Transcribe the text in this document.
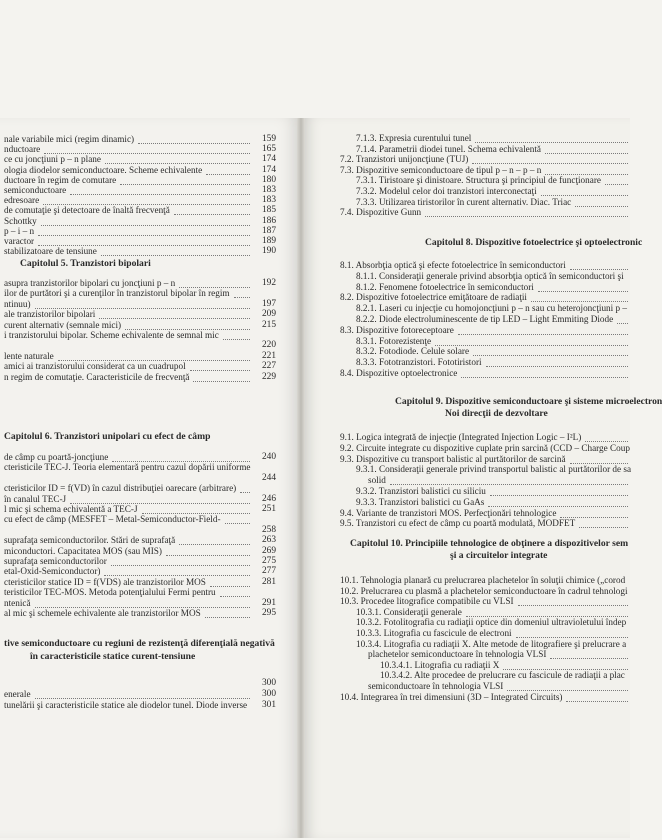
nale variabile mici (regim dinamic)	159
nductoare	165
ce cu joncţiuni p – n plane	174
ologia diodelor semiconductoare. Scheme echivalente	174
ductoare în regim de comutare	180
semiconductoare	183
edresoare	183
de comutaţie şi detectoare de înaltă frecvenţă	185
Schottky	186
p – i – n	187
varactor	189
stabilizatoare de tensiune	190
Capitolul 5. Tranzistori bipolari
asupra tranzistorilor bipolari cu joncţiuni p – n	192
ilor de purtători şi a curenţilor în tranzistorul bipolar în regim
ntinuu)	197
ale tranzistorilor bipolari	209
curent alternativ (semnale mici)	215
i tranzistorului bipolar. Scheme echivalente de semnal mic
220
lente naturale	221
amici ai tranzistorului considerat ca un cuadrupol	227
n regim de comutaţie. Caracteristicile de frecvenţă	229
Capitolul 6. Tranzistori unipolari cu efect de câmp
de câmp cu poartă-joncţiune	240
cteristicile TEC-J. Teoria elementară pentru cazul dopării uniforme
244
cteristicilor ID = f(VD) în cazul distribuţiei oarecare (arbitrare)
în canalul TEC-J	246
l mic şi schema echivalentă a TEC-J	251
cu efect de câmp (MESFET – Metal-Semiconductor-Field-
258
suprafaţa semiconductorilor. Stări de suprafaţă	263
miconductori. Capacitatea MOS (sau MIS)	269
suprafaţa semiconductorilor	275
etal-Oxid-Semiconductor)	277
cteristicilor statice ID = f(VDS) ale tranzistorilor MOS	281
teristicilor TEC-MOS. Metoda potenţialului Fermi pentru
ntenică	291
al mic şi schemele echivalente ale tranzistorilor MOS	295
tive semiconductoare cu regiuni de rezistenţă diferenţială negativă
în caracteristicile statice curent-tensiune
300
enerale	300
tunelării şi caracteristicile statice ale diodelor tunel. Diode inverse	301
7.1.3. Expresia curentului tunel
7.1.4. Parametrii diodei tunel. Schema echivalentă
7.2. Tranzistori unijoncţiune (TUJ)
7.3. Dispozitive semiconductoare de tipul p – n – p – n
7.3.1. Tiristoare şi dinistoare. Structura şi principiul de funcţionare
7.3.2. Modelul celor doi tranzistori interconectaţi
7.3.3. Utilizarea tiristorilor în curent alternativ. Diac. Triac
7.4. Dispozitive Gunn
Capitolul 8. Dispozitive fotoelectrice şi optoelectronic
8.1. Absorbţia optică şi efecte fotoelectrice în semiconductori
8.1.1. Consideraţii generale privind absorbţia optică în semiconductori şi
8.1.2. Fenomene fotoelectrice în semiconductori
8.2. Dispozitive fotoelectrice emiţătoare de radiaţii
8.2.1. Laseri cu injecţie cu homojoncţiuni p – n sau cu heterojoncţiuni p –
8.2.2. Diode electroluminescente de tip LED – Light Emmiting Diode
8.3. Dispozitive fotoreceptoare
8.3.1. Fotorezistenţe
8.3.2. Fotodiode. Celule solare
8.3.3. Fototranzistori. Fototiristori
8.4. Dispozitive optoelectronice
Capitolul 9. Dispozitive semiconductoare şi sisteme microelectron
Noi direcţii de dezvoltare
9.1. Logica integrată de injecţie (Integrated Injection Logic – I²L)
9.2. Circuite integrate cu dispozitive cuplate prin sarcină (CCD – Charge Coup
9.3. Dispozitive cu transport balistic al purtătorilor de sarcină
9.3.1. Consideraţii generale privind transportul balistic al purtătorilor de sa
solid
9.3.2. Tranzistori balistici cu siliciu
9.3.3. Tranzistori balistici cu GaAs
9.4. Variante de tranzistori MOS. Perfecţionări tehnologice
9.5. Tranzistori cu efect de câmp cu poartă modulată, MODFET
Capitolul 10. Principiile tehnologice de obţinere a dispozitivelor sem
şi a circuitelor integrate
10.1. Tehnologia planară cu prelucrarea plachetelor în soluţii chimice („corod
10.2. Prelucrarea cu plasmă a plachetelor semiconductoare în cadrul tehnologi
10.3. Procedee litografice compatibile cu VLSI
10.3.1. Consideraţii generale
10.3.2. Fotolitografia cu radiaţii optice din domeniul ultravioletului îndep
10.3.3. Litografia cu fascicule de electroni
10.3.4. Litografia cu radiaţii X. Alte metode de litografiere şi prelucrare a
plachetelor semiconductoare în tehnologia VLSI
10.3.4.1. Litografia cu radiaţii X
10.3.4.2. Alte procedee de prelucrare cu fascicule de radiaţii a plac
semiconductoare în tehnologia VLSI
10.4. Integrarea în trei dimensiuni (3D – Integrated Circuits)
